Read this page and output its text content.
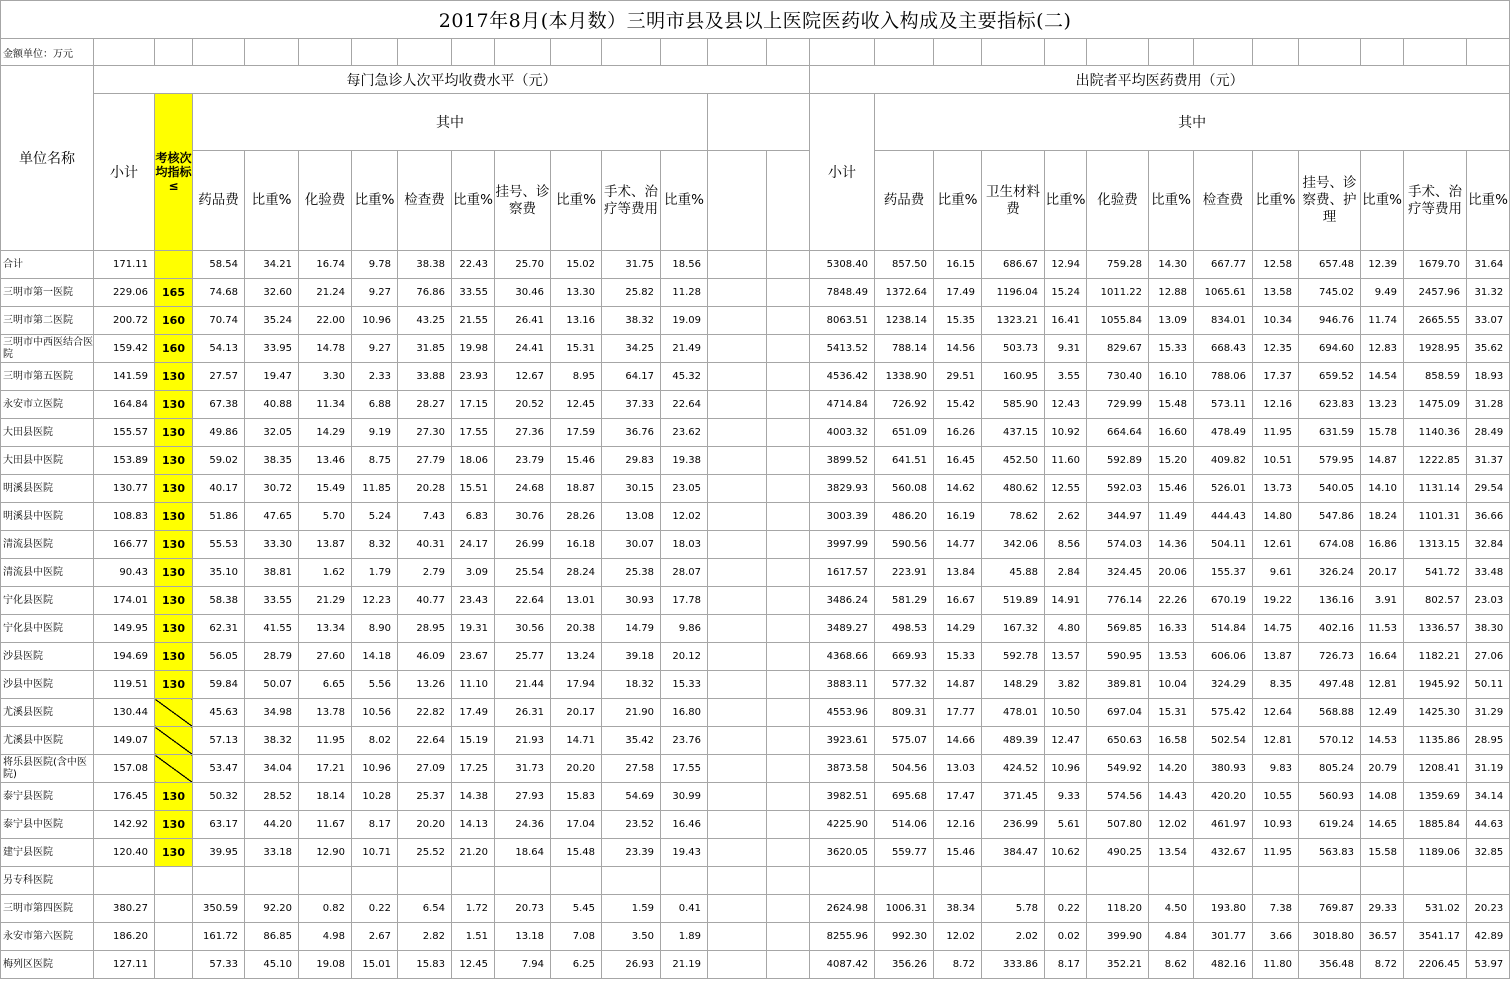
2017年8月(本月数）三明市县及县以上医院医药收入构成及主要指标(二)																											
金额单位：万元																											
单位名称	每门急诊人次平均收费水平（元）														出院者平均医药费用（元）												
	小计	考核次均指标≤	其中												小计	其中											
			药品费	比重%	化验费	比重%	检查费	比重%	挂号、诊察费	比重%	手术、治疗等费用	比重%				药品费	比重%	卫生材料费	比重%	化验费	比重%	检查费	比重%	挂号、诊察费、护理	比重%	手术、治疗等费用	比重%
合计	171.11		58.54	34.21	16.74	9.78	38.38	22.43	25.70	15.02	31.75	18.56			5308.40	857.50	16.15	686.67	12.94	759.28	14.30	667.77	12.58	657.48	12.39	1679.70	31.64
三明市第一医院	229.06	165	74.68	32.60	21.24	9.27	76.86	33.55	30.46	13.30	25.82	11.28			7848.49	1372.64	17.49	1196.04	15.24	1011.22	12.88	1065.61	13.58	745.02	9.49	2457.96	31.32
三明市第二医院	200.72	160	70.74	35.24	22.00	10.96	43.25	21.55	26.41	13.16	38.32	19.09			8063.51	1238.14	15.35	1323.21	16.41	1055.84	13.09	834.01	10.34	946.76	11.74	2665.55	33.07
三明市中西医结合医院	159.42	160	54.13	33.95	14.78	9.27	31.85	19.98	24.41	15.31	34.25	21.49			5413.52	788.14	14.56	503.73	9.31	829.67	15.33	668.43	12.35	694.60	12.83	1928.95	35.62
三明市第五医院	141.59	130	27.57	19.47	3.30	2.33	33.88	23.93	12.67	8.95	64.17	45.32			4536.42	1338.90	29.51	160.95	3.55	730.40	16.10	788.06	17.37	659.52	14.54	858.59	18.93
永安市立医院	164.84	130	67.38	40.88	11.34	6.88	28.27	17.15	20.52	12.45	37.33	22.64			4714.84	726.92	15.42	585.90	12.43	729.99	15.48	573.11	12.16	623.83	13.23	1475.09	31.28
大田县医院	155.57	130	49.86	32.05	14.29	9.19	27.30	17.55	27.36	17.59	36.76	23.62			4003.32	651.09	16.26	437.15	10.92	664.64	16.60	478.49	11.95	631.59	15.78	1140.36	28.49
大田县中医院	153.89	130	59.02	38.35	13.46	8.75	27.79	18.06	23.79	15.46	29.83	19.38			3899.52	641.51	16.45	452.50	11.60	592.89	15.20	409.82	10.51	579.95	14.87	1222.85	31.37
明溪县医院	130.77	130	40.17	30.72	15.49	11.85	20.28	15.51	24.68	18.87	30.15	23.05			3829.93	560.08	14.62	480.62	12.55	592.03	15.46	526.01	13.73	540.05	14.10	1131.14	29.54
明溪县中医院	108.83	130	51.86	47.65	5.70	5.24	7.43	6.83	30.76	28.26	13.08	12.02			3003.39	486.20	16.19	78.62	2.62	344.97	11.49	444.43	14.80	547.86	18.24	1101.31	36.66
清流县医院	166.77	130	55.53	33.30	13.87	8.32	40.31	24.17	26.99	16.18	30.07	18.03			3997.99	590.56	14.77	342.06	8.56	574.03	14.36	504.11	12.61	674.08	16.86	1313.15	32.84
清流县中医院	90.43	130	35.10	38.81	1.62	1.79	2.79	3.09	25.54	28.24	25.38	28.07			1617.57	223.91	13.84	45.88	2.84	324.45	20.06	155.37	9.61	326.24	20.17	541.72	33.48
宁化县医院	174.01	130	58.38	33.55	21.29	12.23	40.77	23.43	22.64	13.01	30.93	17.78			3486.24	581.29	16.67	519.89	14.91	776.14	22.26	670.19	19.22	136.16	3.91	802.57	23.03
宁化县中医院	149.95	130	62.31	41.55	13.34	8.90	28.95	19.31	30.56	20.38	14.79	9.86			3489.27	498.53	14.29	167.32	4.80	569.85	16.33	514.84	14.75	402.16	11.53	1336.57	38.30
沙县医院	194.69	130	56.05	28.79	27.60	14.18	46.09	23.67	25.77	13.24	39.18	20.12			4368.66	669.93	15.33	592.78	13.57	590.95	13.53	606.06	13.87	726.73	16.64	1182.21	27.06
沙县中医院	119.51	130	59.84	50.07	6.65	5.56	13.26	11.10	21.44	17.94	18.32	15.33			3883.11	577.32	14.87	148.29	3.82	389.81	10.04	324.29	8.35	497.48	12.81	1945.92	50.11
尤溪县医院	130.44		45.63	34.98	13.78	10.56	22.82	17.49	26.31	20.17	21.90	16.80			4553.96	809.31	17.77	478.01	10.50	697.04	15.31	575.42	12.64	568.88	12.49	1425.30	31.29
尤溪县中医院	149.07		57.13	38.32	11.95	8.02	22.64	15.19	21.93	14.71	35.42	23.76			3923.61	575.07	14.66	489.39	12.47	650.63	16.58	502.54	12.81	570.12	14.53	1135.86	28.95
将乐县医院(含中医院)	157.08		53.47	34.04	17.21	10.96	27.09	17.25	31.73	20.20	27.58	17.55			3873.58	504.56	13.03	424.52	10.96	549.92	14.20	380.93	9.83	805.24	20.79	1208.41	31.19
泰宁县医院	176.45	130	50.32	28.52	18.14	10.28	25.37	14.38	27.93	15.83	54.69	30.99			3982.51	695.68	17.47	371.45	9.33	574.56	14.43	420.20	10.55	560.93	14.08	1359.69	34.14
泰宁县中医院	142.92	130	63.17	44.20	11.67	8.17	20.20	14.13	24.36	17.04	23.52	16.46			4225.90	514.06	12.16	236.99	5.61	507.80	12.02	461.97	10.93	619.24	14.65	1885.84	44.63
建宁县医院	120.40	130	39.95	33.18	12.90	10.71	25.52	21.20	18.64	15.48	23.39	19.43			3620.05	559.77	15.46	384.47	10.62	490.25	13.54	432.67	11.95	563.83	15.58	1189.06	32.85
另专科医院																											
三明市第四医院	380.27		350.59	92.20	0.82	0.22	6.54	1.72	20.73	5.45	1.59	0.41			2624.98	1006.31	38.34	5.78	0.22	118.20	4.50	193.80	7.38	769.87	29.33	531.02	20.23
永安市第六医院	186.20		161.72	86.85	4.98	2.67	2.82	1.51	13.18	7.08	3.50	1.89			8255.96	992.30	12.02	2.02	0.02	399.90	4.84	301.77	3.66	3018.80	36.57	3541.17	42.89
梅列区医院	127.11		57.33	45.10	19.08	15.01	15.83	12.45	7.94	6.25	26.93	21.19			4087.42	356.26	8.72	333.86	8.17	352.21	8.62	482.16	11.80	356.48	8.72	2206.45	53.97
